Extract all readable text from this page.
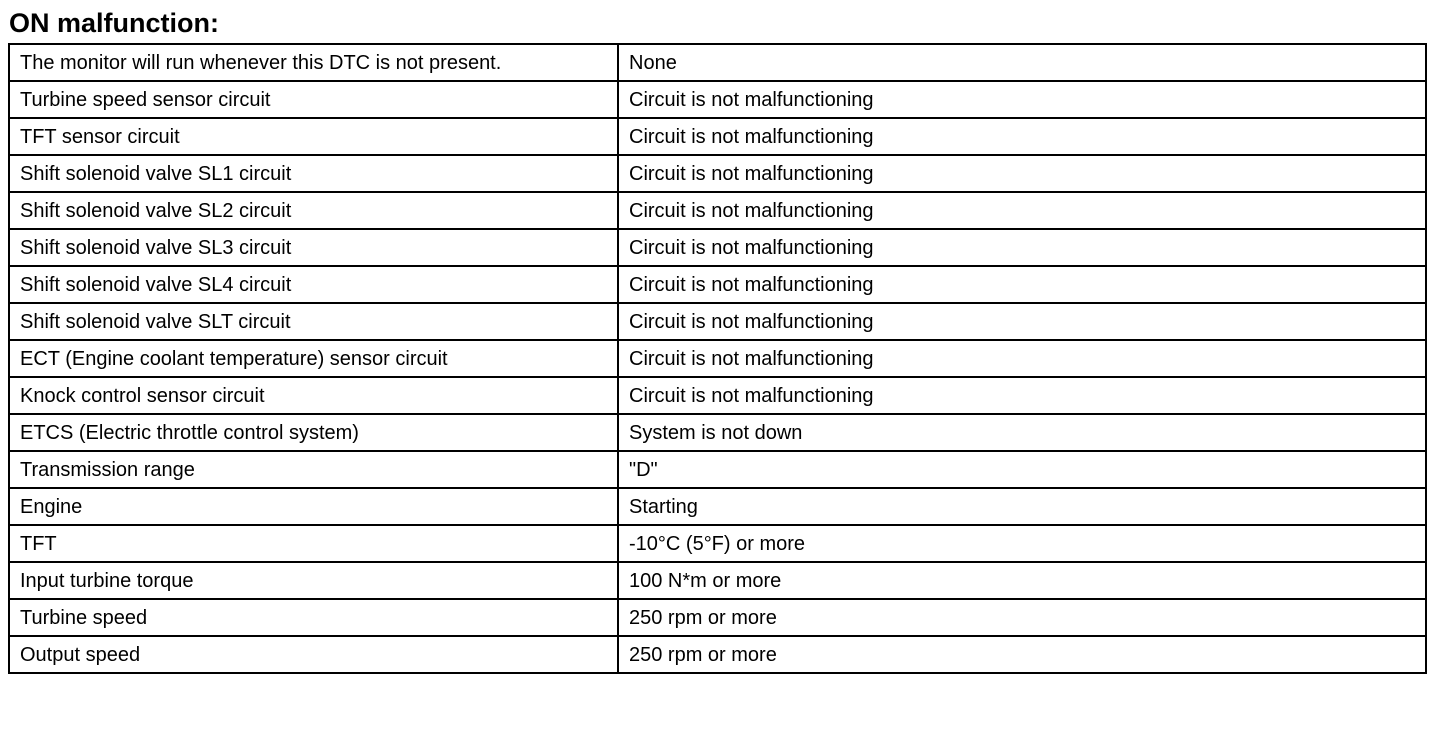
ON malfunction:
The monitor will run whenever this DTC is not present.	None
Turbine speed sensor circuit	Circuit is not malfunctioning
TFT sensor circuit	Circuit is not malfunctioning
Shift solenoid valve SL1 circuit	Circuit is not malfunctioning
Shift solenoid valve SL2 circuit	Circuit is not malfunctioning
Shift solenoid valve SL3 circuit	Circuit is not malfunctioning
Shift solenoid valve SL4 circuit	Circuit is not malfunctioning
Shift solenoid valve SLT circuit	Circuit is not malfunctioning
ECT (Engine coolant temperature) sensor circuit	Circuit is not malfunctioning
Knock control sensor circuit	Circuit is not malfunctioning
ETCS (Electric throttle control system)	System is not down
Transmission range	"D"
Engine	Starting
TFT	-10°C (5°F) or more
Input turbine torque	100 N*m or more
Turbine speed	250 rpm or more
Output speed	250 rpm or more
